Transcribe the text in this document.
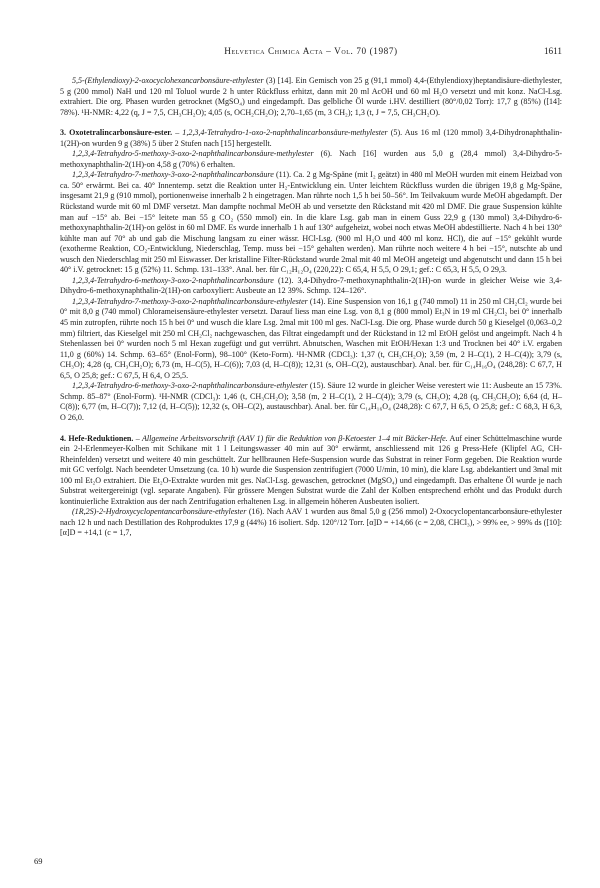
Helvetica Chimica Acta – Vol. 70 (1987)	1611

5,5-(Ethylendioxy)-2-oxocyclohexancarbonsäure-ethylester (3) [14]. Ein Gemisch von 25 g (91,1 mmol) 4,4-(Ethylendioxy)heptandisäure-diethylester, 5 g (200 mmol) NaH und 120 ml Toluol wurde 2 h unter Rückfluss erhitzt, dann mit 20 ml AcOH und 60 ml H₂O versetzt und mit konz. NaCl-Lsg. extrahiert. Die org. Phasen wurden getrocknet (MgSO₄) und eingedampft. Das gelbliche Öl wurde i.HV. destilliert (80°/0,02 Torr): 17,7 g (85%) ([14]: 78%). ¹H-NMR: 4,22 (q, J = 7,5, CH₃CH₂O); 4,05 (s, OCH₂CH₂O); 2,70–1,65 (m, 3 CH₂); 1,3 (t, J = 7,5, CH₃CH₂O).

3. Oxotetralincarbonsäure-ester. – 1,2,3,4-Tetrahydro-1-oxo-2-naphthalincarbonsäure-methylester (5). Aus 16 ml (120 mmol) 3,4-Dihydronaphthalin-1(2H)-on wurden 9 g (38%) 5 über 2 Stufen nach [15] hergestellt.

1,2,3,4-Tetrahydro-5-methoxy-3-oxo-2-naphthalincarbonsäure-methylester (6). Nach [16] wurden aus 5,0 g (28,4 mmol) 3,4-Dihydro-5-methoxynaphthalin-2(1H)-on 4,58 g (70%) 6 erhalten.

1,2,3,4-Tetrahydro-7-methoxy-3-oxo-2-naphthalincarbonsäure (11). Ca. 2 g Mg-Späne (mit I₂ geätzt) in 480 ml MeOH wurden mit einem Heizbad von ca. 50° erwärmt. Bei ca. 40° Innentemp. setzt die Reaktion unter H₂-Entwicklung ein. Unter leichtem Rückfluss wurden die übrigen 19,8 g Mg-Späne, insgesamt 21,9 g (910 mmol), portionenweise innerhalb 2 h eingetragen. Man rührte noch 1,5 h bei 50–56°. Im Teilvakuum wurde MeOH abgedampft. Der Rückstand wurde mit 60 ml DMF versetzt. Man dampfte nochmal MeOH ab und versetzte den Rückstand mit 420 ml DMF. Die graue Suspension kühlte man auf −15° ab. Bei −15° leitete man 55 g CO₂ (550 mmol) ein. In die klare Lsg. gab man in einem Guss 22,9 g (130 mmol) 3,4-Dihydro-6-methoxynaphthalin-2(1H)-on gelöst in 60 ml DMF. Es wurde innerhalb 1 h auf 130° aufgeheizt, wobei noch etwas MeOH abdestillierte. Nach 4 h bei 130° kühlte man auf 70° ab und gab die Mischung langsam zu einer wässr. HCl-Lsg. (900 ml H₂O und 400 ml konz. HCl), die auf −15° gekühlt wurde (exotherme Reaktion, CO₂-Entwicklung, Niederschlag, Temp. muss bei −15° gehalten werden). Man rührte noch weitere 4 h bei −15°, nutschte ab und wusch den Niederschlag mit 250 ml Eiswasser. Der kristalline Filter-Rückstand wurde 2mal mit 40 ml MeOH angeteigt und abgenutscht und dann 15 h bei 40° i.V. getrocknet: 15 g (52%) 11. Schmp. 131–133°. Anal. ber. für C₁₂H₁₂O₄ (220,22): C 65,4, H 5,5, O 29,1; gef.: C 65,3, H 5,5, O 29,3.

1,2,3,4-Tetrahydro-6-methoxy-3-oxo-2-naphthalincarbonsäure (12). 3,4-Dihydro-7-methoxynaphthalin-2(1H)-on wurde in gleicher Weise wie 3,4-Dihydro-6-methoxynaphthalin-2(1H)-on carboxyliert: Ausbeute an 12 39%. Schmp. 124–126°.

1,2,3,4-Tetrahydro-7-methoxy-3-oxo-2-naphthalincarbonsäure-ethylester (14). Eine Suspension von 16,1 g (740 mmol) 11 in 250 ml CH₂Cl₂ wurde bei 0° mit 8,0 g (740 mmol) Chlorameisensäure-ethylester versetzt. Darauf liess man eine Lsg. von 8,1 g (800 mmol) Et₃N in 19 ml CH₂Cl₂ bei 0° innerhalb 45 min zutropfen, rührte noch 15 h bei 0° und wusch die klare Lsg. 2mal mit 100 ml ges. NaCl-Lsg. Die org. Phase wurde durch 50 g Kieselgel (0,063–0,2 mm) filtriert, das Kieselgel mit 250 ml CH₂Cl₂ nachgewaschen, das Filtrat eingedampft und der Rückstand in 12 ml EtOH gelöst und angeimpft. Nach 4 h Stehenlassen bei 0° wurden noch 5 ml Hexan zugefügt und gut verrührt. Abnutschen, Waschen mit EtOH/Hexan 1:3 und Trocknen bei 40° i.V. ergaben 11,0 g (60%) 14. Schmp. 63–65° (Enol-Form), 98–100° (Keto-Form). ¹H-NMR (CDCl₃): 1,37 (t, CH₃CH₂O); 3,59 (m, 2 H–C(1), 2 H–C(4)); 3,79 (s, CH₃O); 4,28 (q, CH₃CH₂O); 6,73 (m, H–C(5), H–C(6)); 7,03 (d, H–C(8)); 12,31 (s, OH–C(2), austauschbar). Anal. ber. für C₁₄H₁₆O₄ (248,28): C 67,7, H 6,5, O 25,8; gef.: C 67,5, H 6,4, O 25,5.

1,2,3,4-Tetrahydro-6-methoxy-3-oxo-2-naphthalincarbonsäure-ethylester (15). Säure 12 wurde in gleicher Weise verestert wie 11: Ausbeute an 15 73%. Schmp. 85–87° (Enol-Form). ¹H-NMR (CDCl₃): 1,46 (t, CH₃CH₂O); 3,58 (m, 2 H–C(1), 2 H–C(4)); 3,79 (s, CH₃O); 4,28 (q, CH₃CH₂O); 6,64 (d, H–C(8)); 6,77 (m, H–C(7)); 7,12 (d, H–C(5)); 12,32 (s, OH–C(2), austauschbar). Anal. ber. für C₁₄H₁₆O₄ (248,28): C 67,7, H 6,5, O 25,8; gef.: C 68,3, H 6,3, O 26,0.

4. Hefe-Reduktionen. – Allgemeine Arbeitsvorschrift (AAV 1) für die Reduktion von β-Ketoester 1–4 mit Bäcker-Hefe. Auf einer Schüttelmaschine wurde ein 2-l-Erlenmeyer-Kolben mit Schikane mit 1 l Leitungswasser 40 min auf 30° erwärmt, anschliessend mit 126 g Press-Hefe (Klipfel AG, CH-Rheinfelden) versetzt und weitere 40 min geschüttelt. Zur hellbraunen Hefe-Suspension wurde das Substrat in reiner Form gegeben. Die Reaktion wurde mit GC verfolgt. Nach beendeter Umsetzung (ca. 10 h) wurde die Suspension zentrifugiert (7000 U/min, 10 min), die klare Lsg. abdekantiert und 3mal mit 100 ml Et₂O extrahiert. Die Et₂O-Extrakte wurden mit ges. NaCl-Lsg. gewaschen, getrocknet (MgSO₄) und eingedampft. Das erhaltene Öl wurde je nach Substrat weitergereinigt (vgl. separate Angaben). Für grössere Mengen Substrat wurde die Zahl der Kolben entsprechend erhöht und das Produkt durch kontinuierliche Extraktion aus der nach Zentrifugation erhaltenen Lsg. in allgemein höheren Ausbeuten isoliert.

(1R,2S)-2-Hydroxycyclopentancarbonsäure-ethylester (16). Nach AAV 1 wurden aus 8mal 5,0 g (256 mmol) 2-Oxocyclopentancarbonsäure-ethylester nach 12 h und nach Destillation des Rohproduktes 17,9 g (44%) 16 isoliert. Sdp. 120°/12 Torr. [α]D = +14,66 (c = 2,08, CHCl₃), > 99% ee, > 99% ds ([10]: [α]D = +14,1 (c = 1,7,

69
